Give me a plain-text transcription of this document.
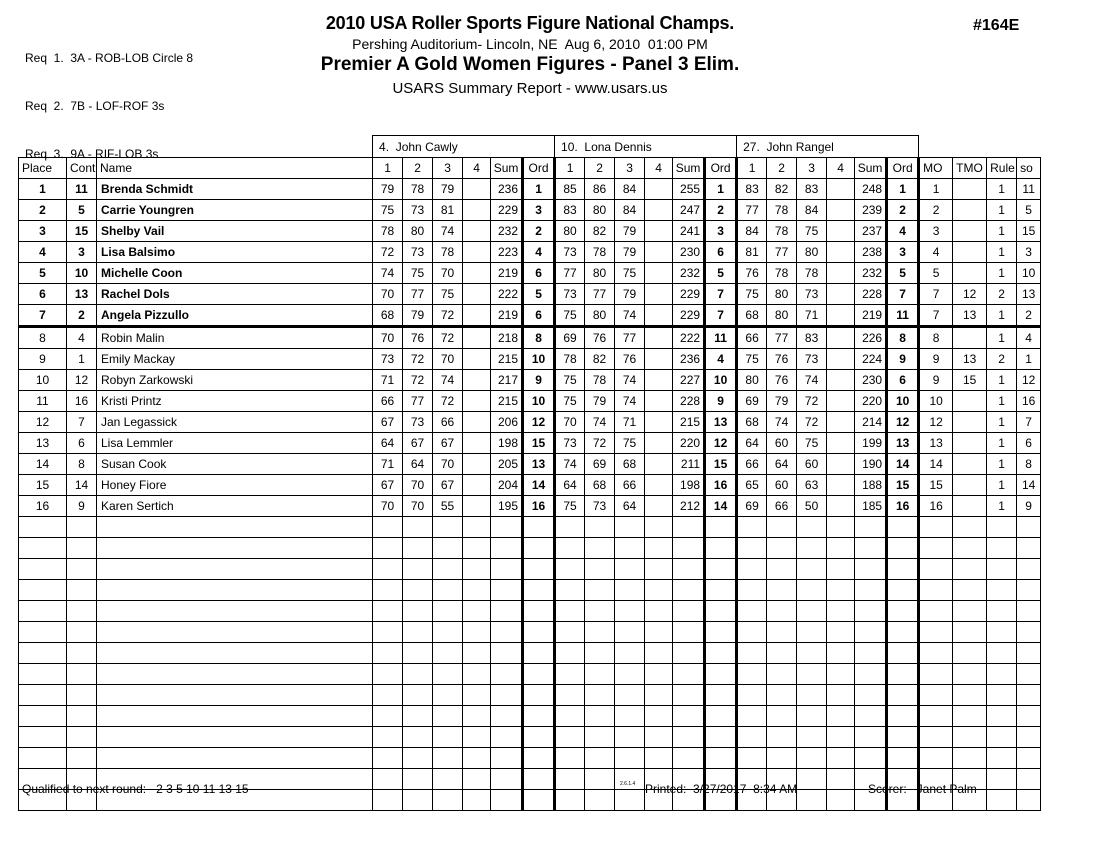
Req  1.  3A - ROB-LOB Circle 8

Req  2.  7B - LOF-ROF 3s

Req  3.  9A - RIF-LOB 3s

2010 USA Roller Sports Figure National Champs.
Pershing Auditorium- Lincoln, NE  Aug 6, 2010  01:00 PM
Premier A Gold Women Figures - Panel 3 Elim.
USARS Summary Report - www.usars.us
#164E
			4.  John Cawly						10.  Lona Dennis						27.  John Rangel									
Place	Cont	Name	1	2	3	4	Sum	Ord	1	2	3	4	Sum	Ord	1	2	3	4	Sum	Ord	MO	TMO	Rule	so
1	11	Brenda Schmidt	79	78	79		236	1	85	86	84		255	1	83	82	83		248	1	1		1	11
2	5	Carrie Youngren	75	73	81		229	3	83	80	84		247	2	77	78	84		239	2	2		1	5
3	15	Shelby Vail	78	80	74		232	2	80	82	79		241	3	84	78	75		237	4	3		1	15
4	3	Lisa Balsimo	72	73	78		223	4	73	78	79		230	6	81	77	80		238	3	4		1	3
5	10	Michelle Coon	74	75	70		219	6	77	80	75		232	5	76	78	78		232	5	5		1	10
6	13	Rachel Dols	70	77	75		222	5	73	77	79		229	7	75	80	73		228	7	7	12	2	13
7	2	Angela Pizzullo	68	79	72		219	6	75	80	74		229	7	68	80	71		219	11	7	13	1	2
8	4	Robin Malin	70	76	72		218	8	69	76	77		222	11	66	77	83		226	8	8		1	4
9	1	Emily Mackay	73	72	70		215	10	78	82	76		236	4	75	76	73		224	9	9	13	2	1
10	12	Robyn Zarkowski	71	72	74		217	9	75	78	74		227	10	80	76	74		230	6	9	15	1	12
11	16	Kristi Printz	66	77	72		215	10	75	79	74		228	9	69	79	72		220	10	10		1	16
12	7	Jan Legassick	67	73	66		206	12	70	74	71		215	13	68	74	72		214	12	12		1	7
13	6	Lisa Lemmler	64	67	67		198	15	73	72	75		220	12	64	60	75		199	13	13		1	6
14	8	Susan Cook	71	64	70		205	13	74	69	68		211	15	66	64	60		190	14	14		1	8
15	14	Honey Fiore	67	70	67		204	14	64	68	66		198	16	65	60	63		188	15	15		1	14
16	9	Karen Sertich	70	70	55		195	16	75	73	64		212	14	69	66	50		185	16	16		1	9

Qualified to next round:   2 3 5 10 11 13 15	2.6.1.4 Printed:  3/27/2017  8:34 AM	Scorer:   Janet Palm
